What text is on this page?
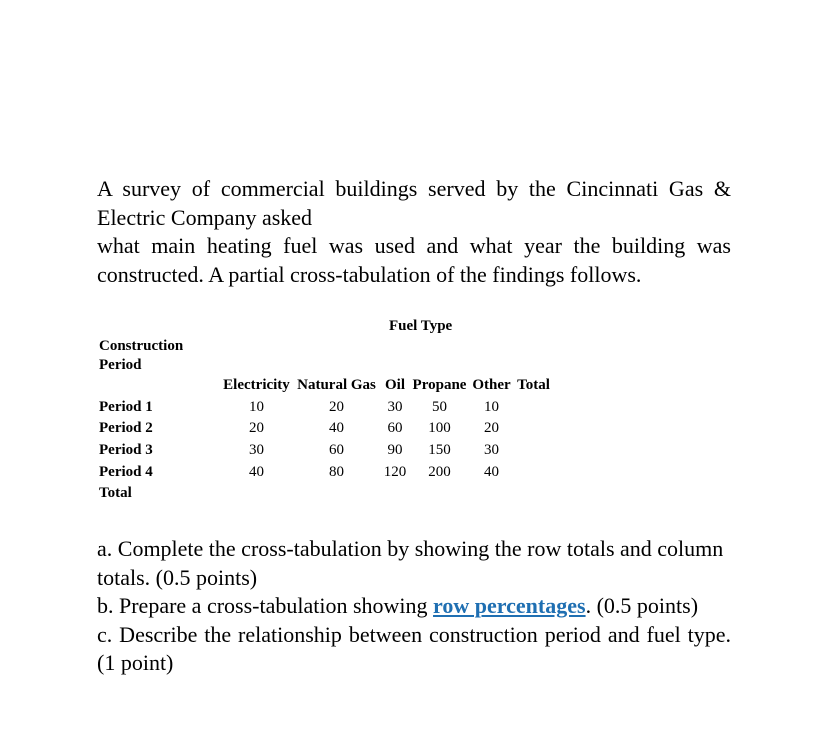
A survey of commercial buildings served by the Cincinnati Gas & Electric Company asked

what main heating fuel was used and what year the building was constructed. A partial cross-tabulation of the findings follows.

Fuel Type
Construction Period
	Electricity	Natural Gas	Oil	Propane	Other	Total
Period 1	10	20	30	50	10	
Period 2	20	40	60	100	20	
Period 3	30	60	90	150	30	
Period 4	40	80	120	200	40	
Total						

a. Complete the cross-tabulation by showing the row totals and column totals. (0.5 points)

b. Prepare a cross-tabulation showing row percentages. (0.5 points)

c. Describe the relationship between construction period and fuel type. (1 point)
